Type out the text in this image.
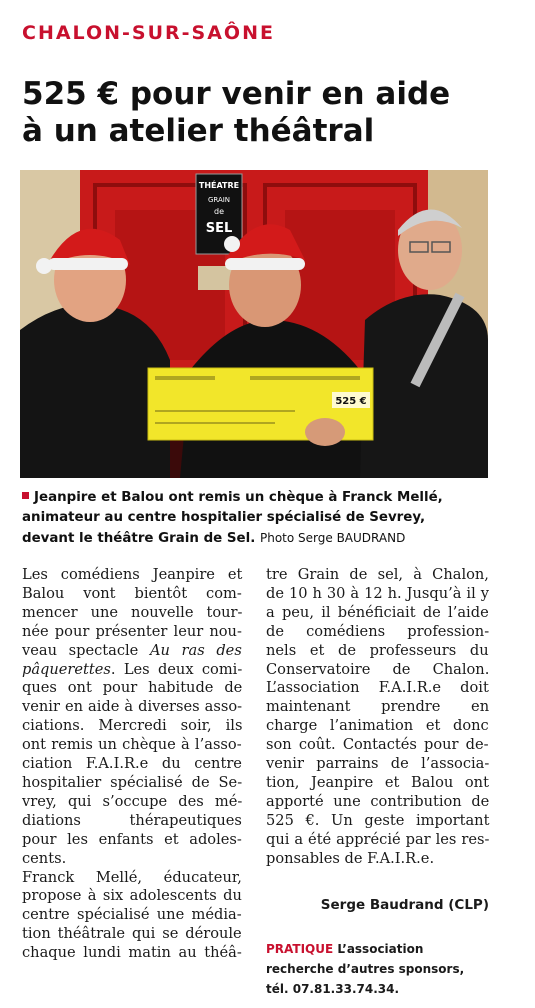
CHALON-SUR-SAÔNE
525 € pour venir en aide
à un atelier théâtral
THÉATRE
GRAIN
de
SEL
525 €
Jeanpire et Balou ont remis un chèque à Franck Mellé,
animateur au centre hospitalier spécialisé de Sevrey,
devant le théâtre Grain de Sel. Photo Serge BAUDRAND
Les comédiens Jeanpire et
Balou vont bientôt com-
mencer une nouvelle tour-
née pour présenter leur nou-
veau spectacle Au ras des
pâquerettes. Les deux comi-
ques ont pour habitude de
venir en aide à diverses asso-
ciations. Mercredi soir, ils
ont remis un chèque à l’asso-
ciation F.A.I.R.e du centre
hospitalier spécialisé de Se-
vrey, qui s’occupe des mé-
diations thérapeutiques
pour les enfants et adoles-
cents.
Franck Mellé, éducateur,
propose à six adolescents du
centre spécialisé une média-
tion théâtrale qui se déroule
chaque lundi matin au théâ-
tre Grain de sel, à Chalon,
de 10 h 30 à 12 h. Jusqu’à il y
a peu, il bénéficiait de l’aide
de comédiens profession-
nels et de professeurs du
Conservatoire de Chalon.
L’association F.A.I.R.e doit
maintenant prendre en
charge l’animation et donc
son coût. Contactés pour de-
venir parrains de l’associa-
tion, Jeanpire et Balou ont
apporté une contribution de
525 €. Un geste important
qui a été apprécié par les res-
ponsables de F.A.I.R.e.
Serge Baudrand (CLP)
PRATIQUE L’association
recherche d’autres sponsors,
tél. 07.81.33.74.34.
